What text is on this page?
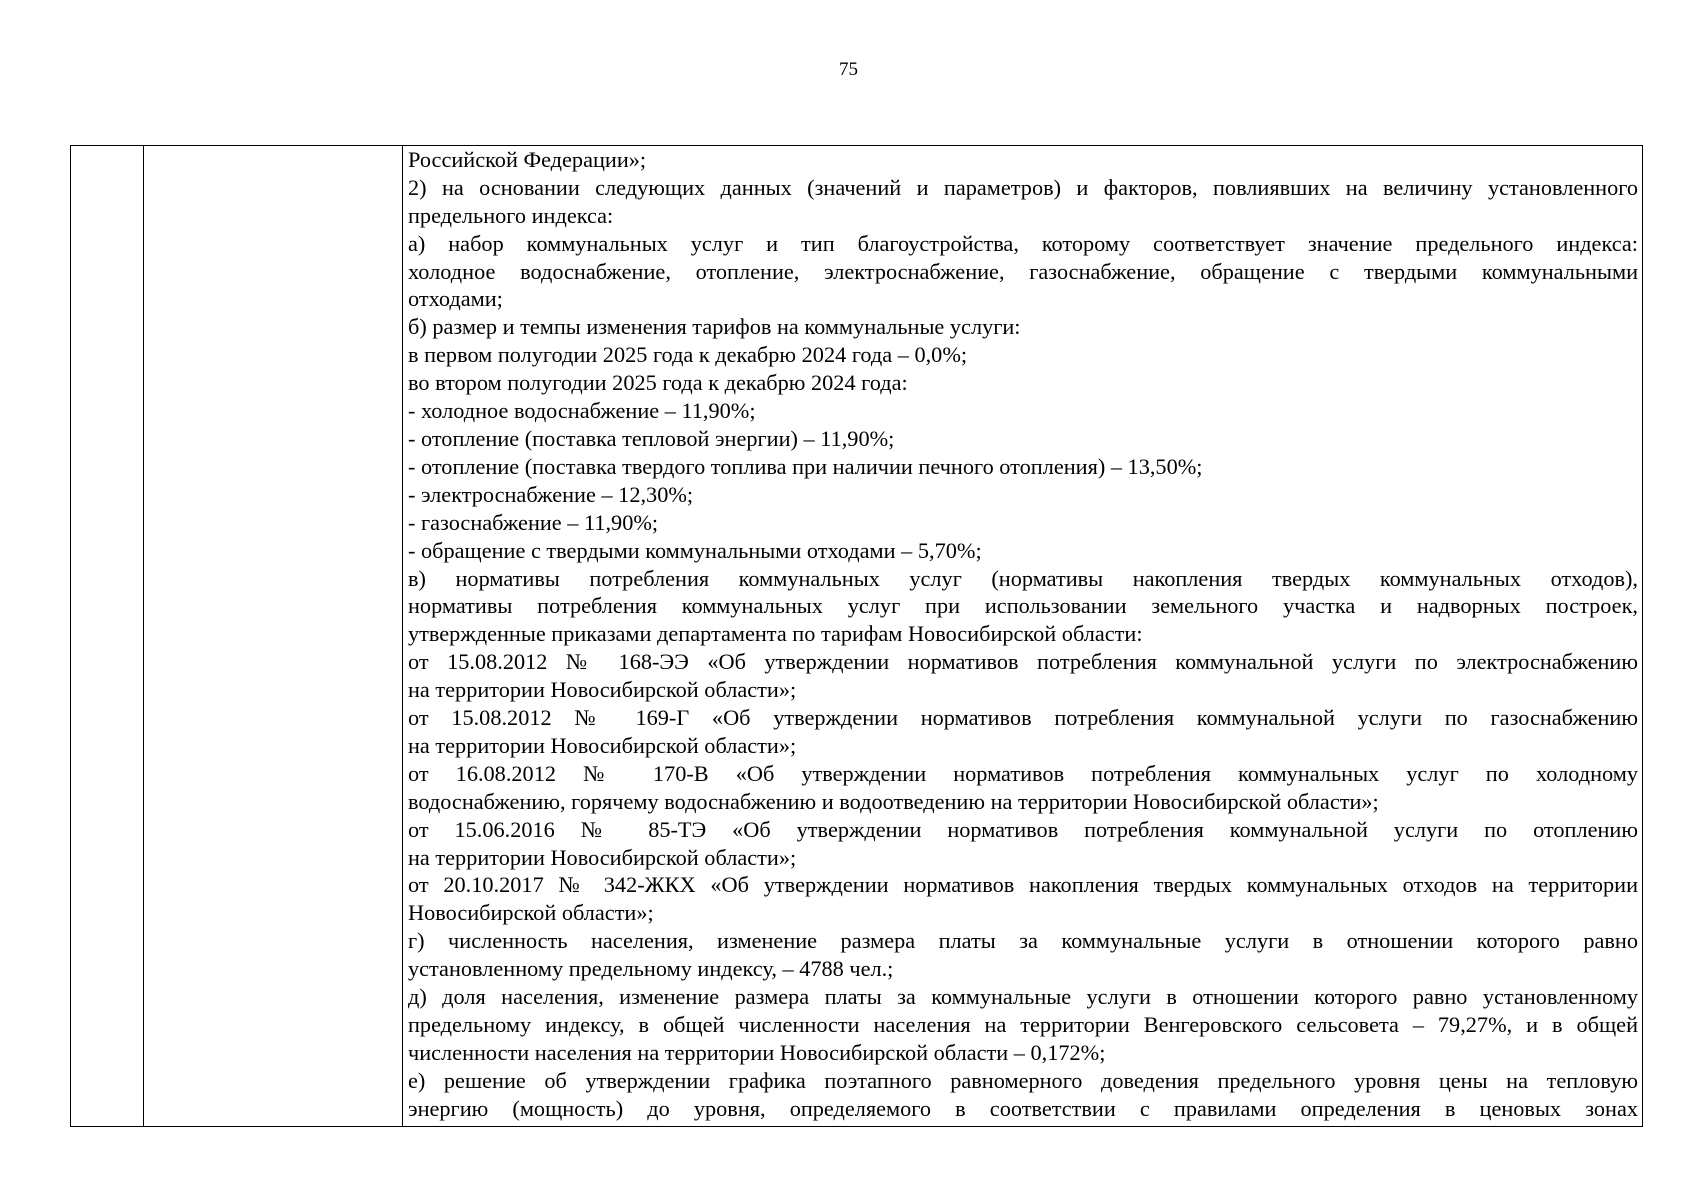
75

Российской Федерации»;
2) на основании следующих данных (значений и параметров) и факторов, повлиявших на величину установленного
предельного индекса:
а) набор коммунальных услуг и тип благоустройства, которому соответствует значение предельного индекса:
холодное водоснабжение, отопление, электроснабжение, газоснабжение, обращение с твердыми коммунальными
отходами;
б) размер и темпы изменения тарифов на коммунальные услуги:
в первом полугодии 2025 года к декабрю 2024 года – 0,0%;
во втором полугодии 2025 года к декабрю 2024 года:
- холодное водоснабжение – 11,90%;
- отопление (поставка тепловой энергии) – 11,90%;
- отопление (поставка твердого топлива при наличии печного отопления) – 13,50%;
- электроснабжение – 12,30%;
- газоснабжение – 11,90%;
- обращение с твердыми коммунальными отходами – 5,70%;
в) нормативы потребления коммунальных услуг (нормативы накопления твердых коммунальных отходов),
нормативы потребления коммунальных услуг при использовании земельного участка и надворных построек,
утвержденные приказами департамента по тарифам Новосибирской области:
от 15.08.2012 № 168-ЭЭ «Об утверждении нормативов потребления коммунальной услуги по электроснабжению
на территории Новосибирской области»;
от 15.08.2012 № 169-Г «Об утверждении нормативов потребления коммунальной услуги по газоснабжению
на территории Новосибирской области»;
от 16.08.2012 № 170-В «Об утверждении нормативов потребления коммунальных услуг по холодному
водоснабжению, горячему водоснабжению и водоотведению на территории Новосибирской области»;
от 15.06.2016 № 85-ТЭ «Об утверждении нормативов потребления коммунальной услуги по отоплению
на территории Новосибирской области»;
от 20.10.2017 № 342-ЖКХ «Об утверждении нормативов накопления твердых коммунальных отходов на территории
Новосибирской области»;
г) численность населения, изменение размера платы за коммунальные услуги в отношении которого равно
установленному предельному индексу, – 4788 чел.;
д) доля населения, изменение размера платы за коммунальные услуги в отношении которого равно установленному
предельному индексу, в общей численности населения на территории Венгеровского сельсовета – 79,27%, и в общей
численности населения на территории Новосибирской области – 0,172%;
е) решение об утверждении графика поэтапного равномерного доведения предельного уровня цены на тепловую
энергию (мощность) до уровня, определяемого в соответствии с правилами определения в ценовых зонах
